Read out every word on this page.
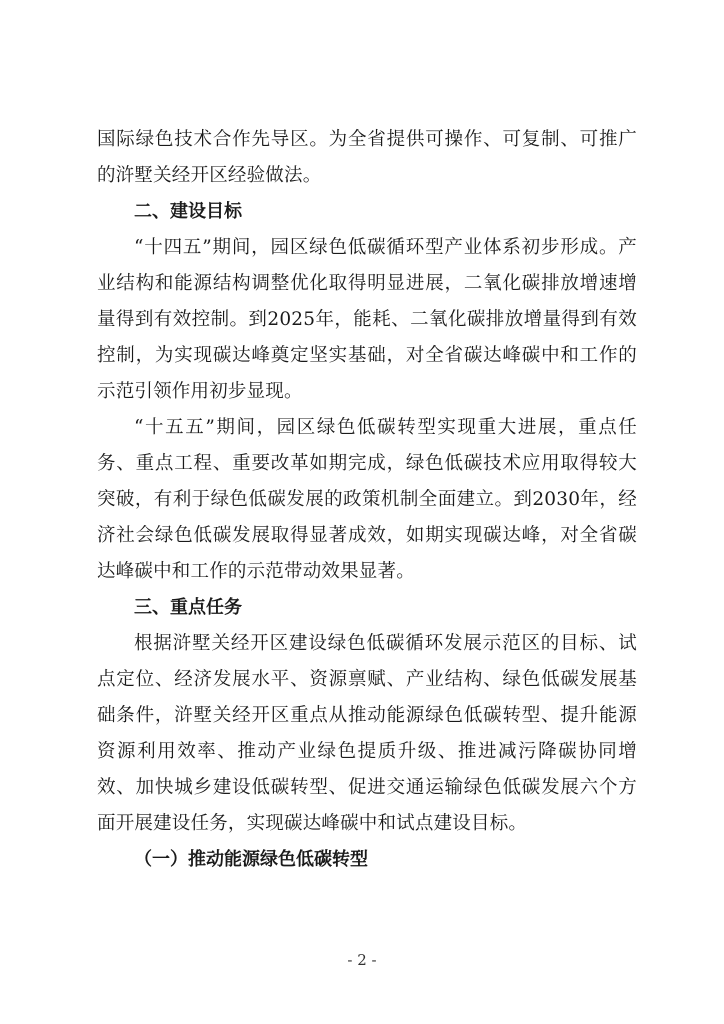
国际绿色技术合作先导区。为全省提供可操作、可复制、可推广的浒墅关经开区经验做法。

二、建设目标

“十四五”期间，园区绿色低碳循环型产业体系初步形成。产业结构和能源结构调整优化取得明显进展，二氧化碳排放增速增量得到有效控制。到2025年，能耗、二氧化碳排放增量得到有效控制，为实现碳达峰奠定坚实基础，对全省碳达峰碳中和工作的示范引领作用初步显现。

“十五五”期间，园区绿色低碳转型实现重大进展，重点任务、重点工程、重要改革如期完成，绿色低碳技术应用取得较大突破，有利于绿色低碳发展的政策机制全面建立。到2030年，经济社会绿色低碳发展取得显著成效，如期实现碳达峰，对全省碳达峰碳中和工作的示范带动效果显著。

三、重点任务

根据浒墅关经开区建设绿色低碳循环发展示范区的目标、试点定位、经济发展水平、资源禀赋、产业结构、绿色低碳发展基础条件，浒墅关经开区重点从推动能源绿色低碳转型、提升能源资源利用效率、推动产业绿色提质升级、推进减污降碳协同增效、加快城乡建设低碳转型、促进交通运输绿色低碳发展六个方面开展建设任务，实现碳达峰碳中和试点建设目标。

（一）推动能源绿色低碳转型

- 2 -
